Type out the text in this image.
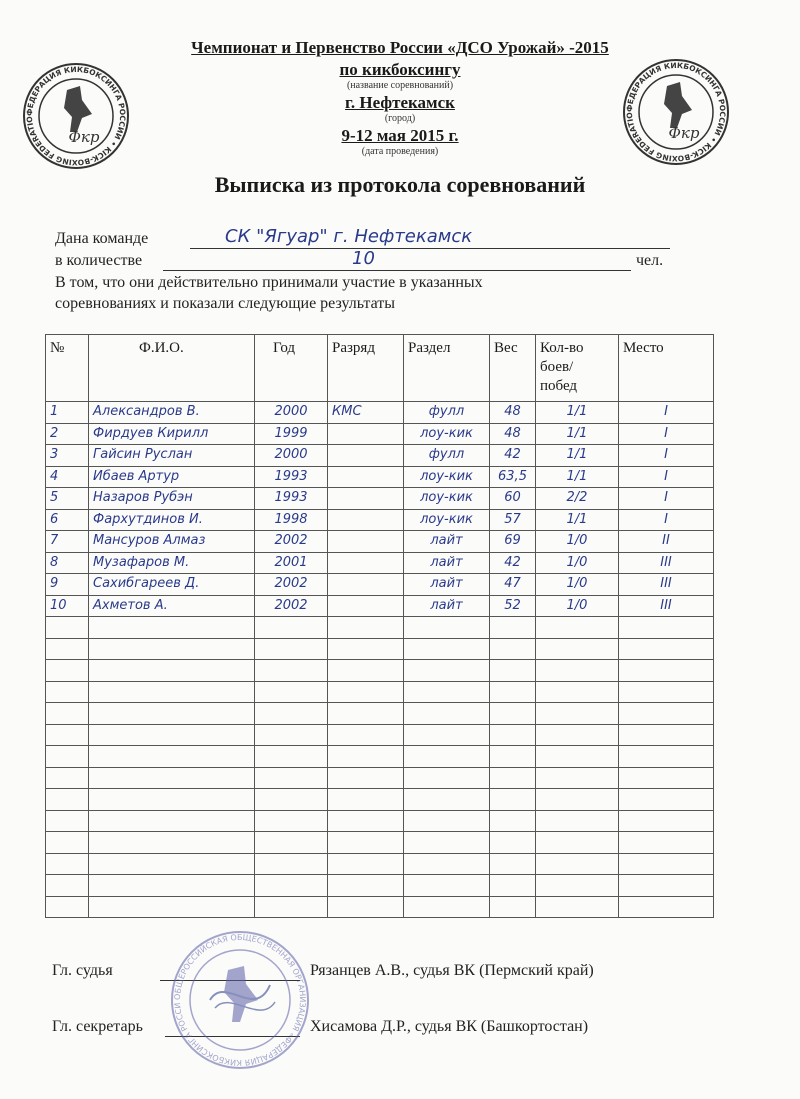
ФЕДЕРАЦИЯ КИКБОКСИНГА РОССИИ • KICK-BOXING FEDERATIO
Фкр
ФЕДЕРАЦИЯ КИКБОКСИНГА РОССИИ • KICK-BOXING FEDERATIO
Фкр
Чемпионат и Первенство России «ДСО Урожай» -2015
по кикбоксингу
(название соревнований)
г. Нефтекамск
(город)
9-12 мая 2015 г.
(дата проведения)
Выписка из протокола соревнований
Дана команде	СК "Ягуар" г. Нефтекамск
в количестве	10	чел.
В том, что они действительно принимали участие в указанных
соревнованиях и показали следующие результаты
№	Ф.И.О.	Год	Разряд	Раздел	Вес	Кол-во боев/ побед	Место
1	Александров В.	2000	КМС	фулл	48	1/1	I
2	Фирдуев Кирилл	1999		лоу-кик	48	1/1	I
3	Гайсин Руслан	2000		фулл	42	1/1	I
4	Ибаев Артур	1993		лоу-кик	63,5	1/1	I
5	Назаров Рубэн	1993		лоу-кик	60	2/2	I
6	Фархутдинов И.	1998		лоу-кик	57	1/1	I
7	Мансуров Алмаз	2002		лайт	69	1/0	II
8	Музафаров М.	2001		лайт	42	1/0	III
9	Сахибгареев Д.	2002		лайт	47	1/0	III
10	Ахметов А.	2002		лайт	52	1/0	III

Гл. судья	Рязанцев А.В., судья ВК (Пермский край)
Гл. секретарь	Хисамова Д.Р., судья ВК (Башкортостан)
ОБЩЕРОССИЙСКАЯ ОБЩЕСТВЕННАЯ ОРГАНИЗАЦИЯ «ФЕДЕРАЦИЯ КИКБОКСИНГА РОССИ
